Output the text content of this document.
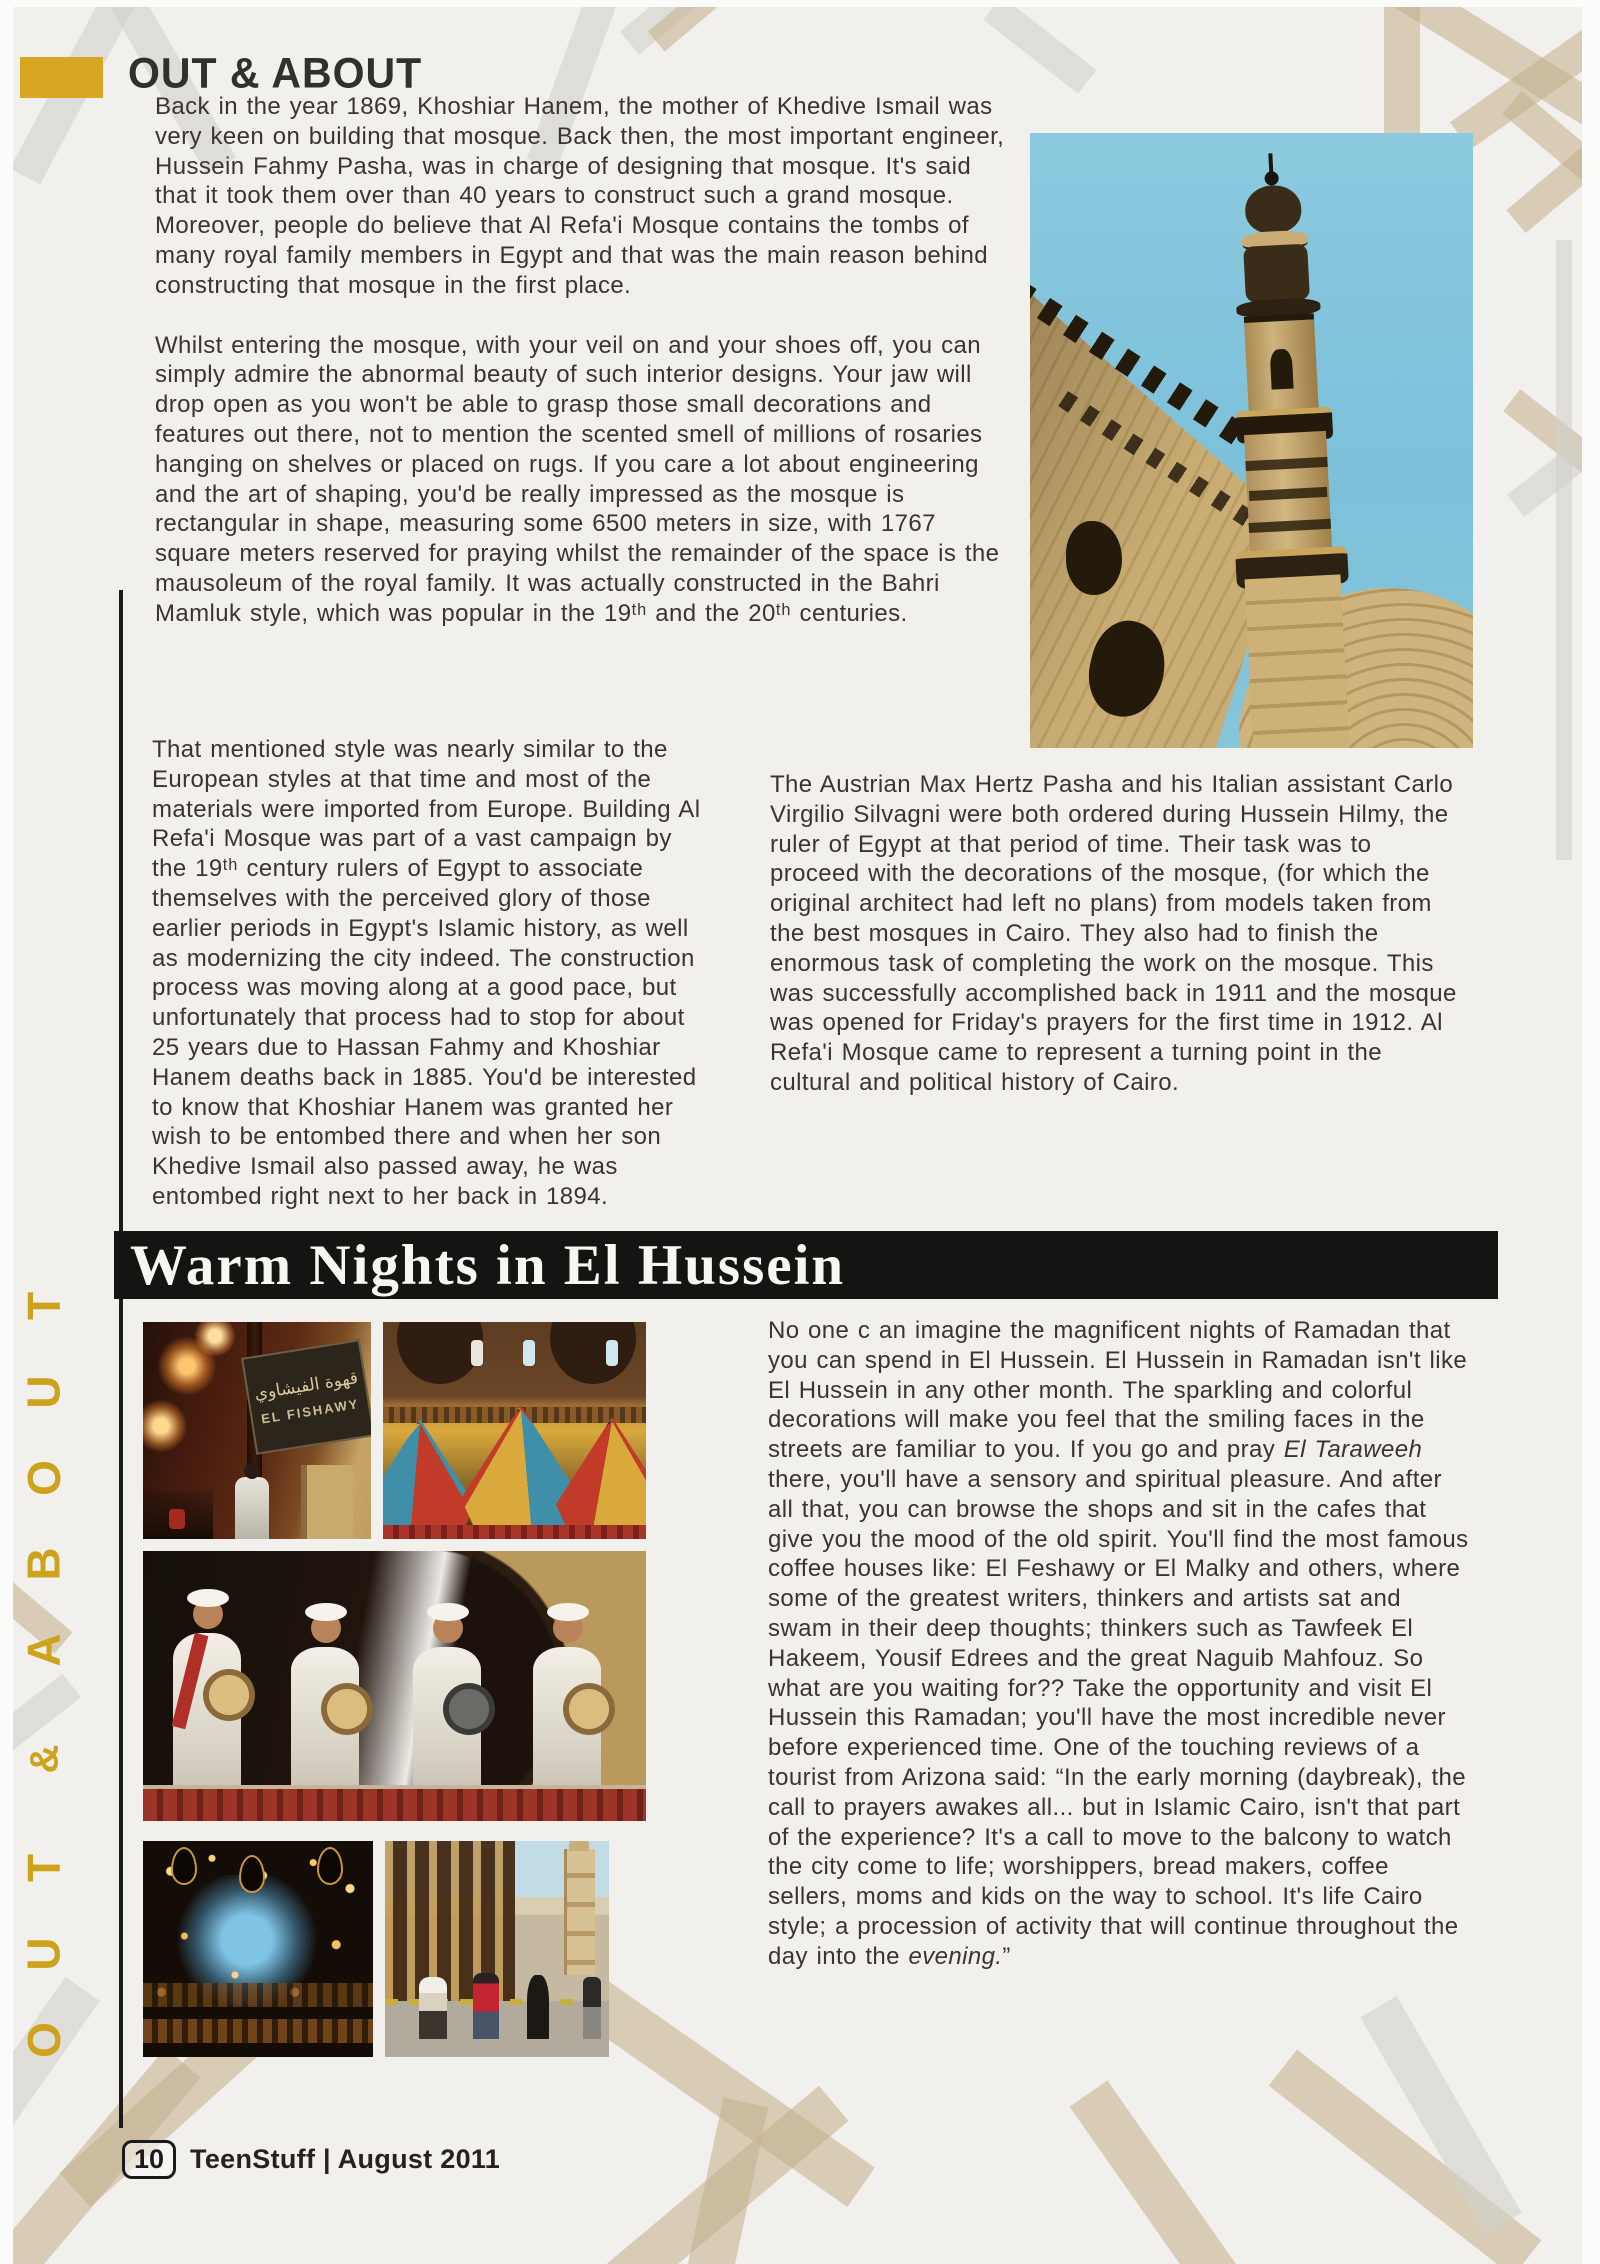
OUT & ABOUT

Back in the year 1869, Khoshiar Hanem, the mother of Khedive Ismail was very keen on building that mosque. Back then, the most important engineer, Hussein Fahmy Pasha, was in charge of designing that mosque. It's said that it took them over than 40 years to construct such a grand mosque. Moreover, people do believe that Al Refa'i Mosque contains the tombs of many royal family members in Egypt and that was the main reason behind constructing that mosque in the first place.

Whilst entering the mosque, with your veil on and your shoes off, you can simply admire the abnormal beauty of such interior designs. Your jaw will drop open as you won't be able to grasp those small decorations and features out there, not to mention the scented smell of millions of rosaries hanging on shelves or placed on rugs. If you care a lot about engineering and the art of shaping, you'd be really impressed as the mosque is rectangular in shape, measuring some 6500 meters in size, with 1767 square meters reserved for praying whilst the remainder of the space is the mausoleum of the royal family. It was actually constructed in the Bahri Mamluk style, which was popular in the 19ᵗʰ and the 20ᵗʰ centuries.

That mentioned style was nearly similar to the European styles at that time and most of the materials were imported from Europe. Building Al Refa'i Mosque was part of a vast campaign by the 19ᵗʰ century rulers of Egypt to associate themselves with the perceived glory of those earlier periods in Egypt's Islamic history, as well as modernizing the city indeed. The construction process was moving along at a good pace, but unfortunately that process had to stop for about 25 years due to Hassan Fahmy and Khoshiar Hanem deaths back in 1885. You'd be interested to know that Khoshiar Hanem was granted her wish to be entombed there and when her son Khedive Ismail also passed away, he was entombed right next to her back in 1894.
The Austrian Max Hertz Pasha and his Italian assistant Carlo Virgilio Silvagni were both ordered during Hussein Hilmy, the ruler of Egypt at that period of time. Their task was to proceed with the decorations of the mosque, (for which the original architect had left no plans) from models taken from the best mosques in Cairo. They also had to finish the enormous task of completing the work on the mosque. This was successfully accomplished back in 1911 and the mosque was opened for Friday's prayers for the first time in 1912. Al Refa'i Mosque came to represent a turning point in the cultural and political history of Cairo.
T
U
O
B
A
&
T
U
O
Warm Nights in El Hussein
قهوة الفيشاوي
EL FISHAWY
No one c an imagine the magnificent nights of Ramadan that you can spend in El Hussein. El Hussein in Ramadan isn't like El Hussein in any other month. The sparkling and colorful decorations will make you feel that the smiling faces in the streets are familiar to you. If you go and pray El Taraweeh there, you'll have a sensory and spiritual pleasure. And after all that, you can browse the shops and sit in the cafes that give you the mood of the old spirit. You'll find the most famous coffee houses like: El Feshawy or El Malky and others, where some of the greatest writers, thinkers and artists sat and swam in their deep thoughts; thinkers such as Tawfeek El Hakeem, Yousif Edrees and the great Naguib Mahfouz. So what are you waiting for?? Take the opportunity and visit El Hussein this Ramadan; you'll have the most incredible never before experienced time. One of the touching reviews of a tourist from Arizona said: “In the early morning (daybreak), the call to prayers awakes all... but in Islamic Cairo, isn't that part of the experience? It's a call to move to the balcony to watch the city come to life; worshippers, bread makers, coffee sellers, moms and kids on the way to school. It's life Cairo style; a procession of activity that will continue throughout the day into the evening.”
10 TeenStuff | August 2011
